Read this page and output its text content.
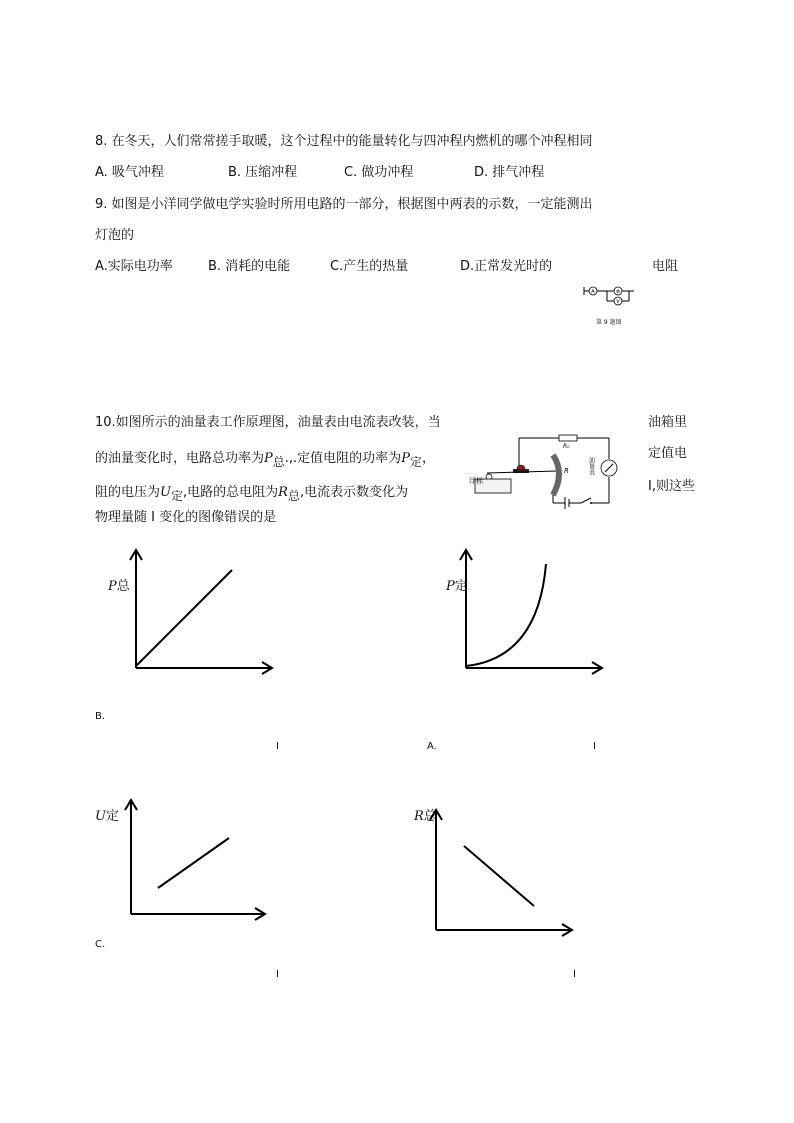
8. 在冬天，人们常常搓手取暖，这个过程中的能量转化与四冲程内燃机的哪个冲程相同
A. 吸气冲程	B. 压缩冲程	C. 做功冲程	D. 排气冲程
9. 如图是小洋同学做电学实验时所用电路的一部分，根据图中两表的示数，一定能测出
灯泡的
A.实际电功率	B. 消耗的电能	C.产生的热量	D.正常发光时的	电阻
A	⊗
V
第 9 题图
10.如图所示的油量表工作原理图，油量表由电流表改装，当	油箱里
的油量变化时，电路总功率为$P_总$.,.定值电阻的功率为$P_定$，	定值电
阻的电压为$U_定$,电路的总电阻为$R_总$,电流表示数变化为	I,则这些
物理量随 I 变化的图像错误的是
R₀
浮标
R	油量表
P总
B.
I
P定
A.	I
U定
C.
I
R总
I
